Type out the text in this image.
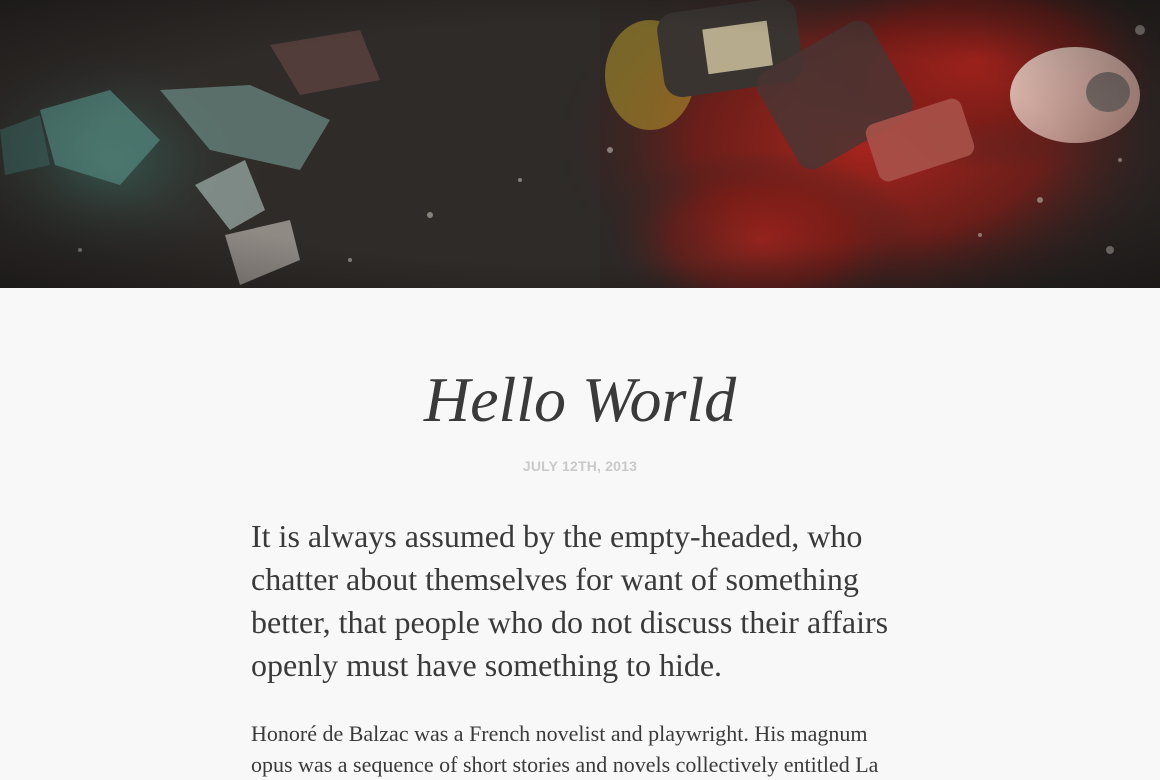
Hello World
JULY 12TH, 2013

It is always assumed by the empty-headed, who chatter about themselves for want of something better, that people who do not discuss their affairs openly must have something to hide.

Honoré de Balzac was a French novelist and playwright. His magnum opus was a sequence of short stories and novels collectively entitled La
